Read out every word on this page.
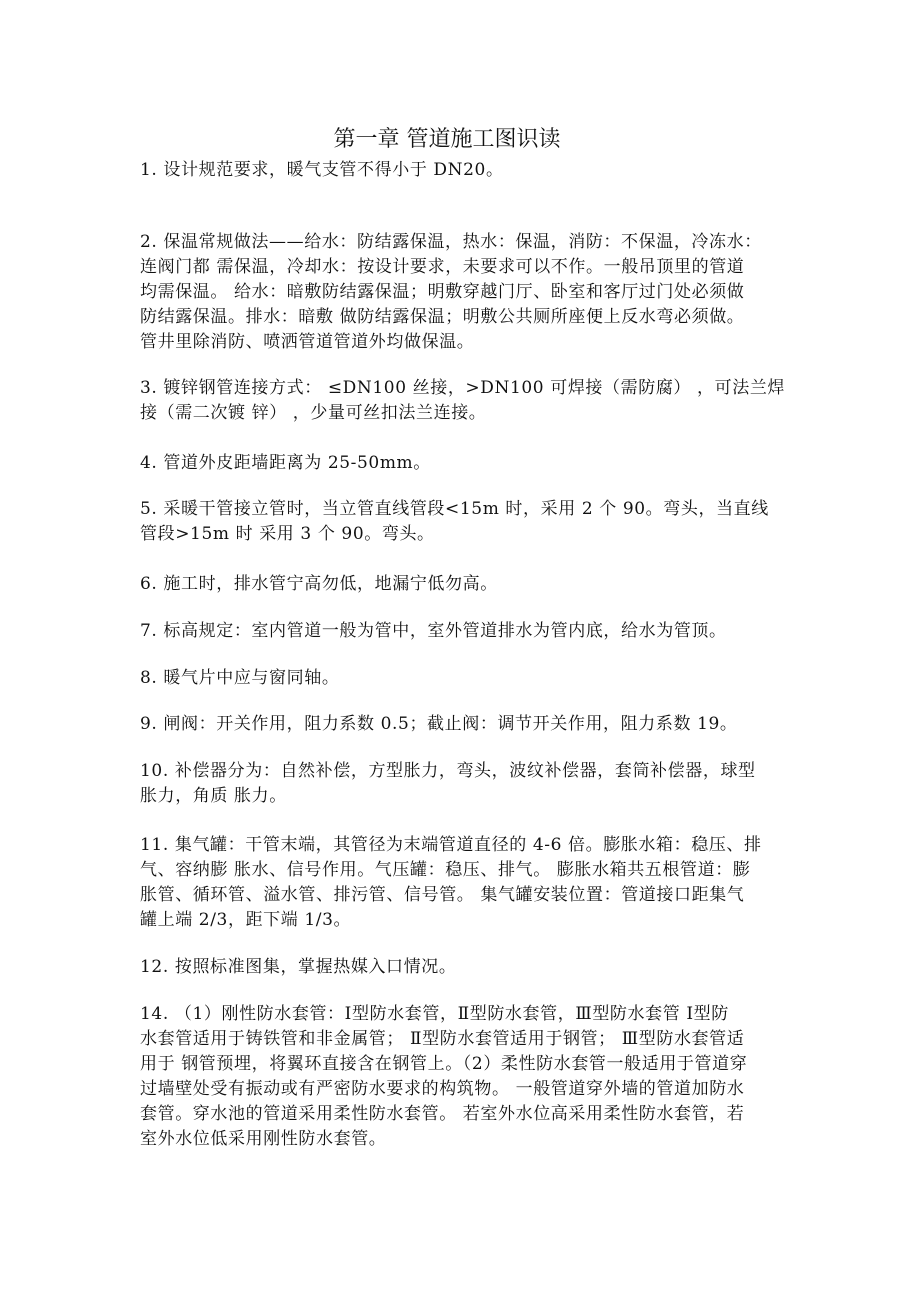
第一章 管道施工图识读
1. 设计规范要求，暖气支管不得小于 DN20。
2. 保温常规做法——给水：防结露保温，热水：保温，消防：不保温，冷冻水：
连阀门都 需保温，冷却水：按设计要求，未要求可以不作。一般吊顶里的管道
均需保温。 给水：暗敷防结露保温；明敷穿越门厅、卧室和客厅过门处必须做
防结露保温。排水：暗敷 做防结露保温；明敷公共厕所座便上反水弯必须做。
管井里除消防、喷洒管道管道外均做保温。
3. 镀锌钢管连接方式： ≤DN100 丝接，>DN100 可焊接（需防腐） ，可法兰焊
接（需二次镀 锌） ，少量可丝扣法兰连接。
4. 管道外皮距墙距离为 25-50mm。
5. 采暖干管接立管时，当立管直线管段<15m 时，采用 2 个 90。弯头，当直线
管段>15m 时 采用 3 个 90。弯头。
6. 施工时，排水管宁高勿低，地漏宁低勿高。
7. 标高规定：室内管道一般为管中，室外管道排水为管内底，给水为管顶。
8. 暖气片中应与窗同轴。
9. 闸阀：开关作用，阻力系数 0.5；截止阀：调节开关作用，阻力系数 19。
10. 补偿器分为：自然补偿，方型胀力，弯头，波纹补偿器，套筒补偿器，球型
胀力，角质 胀力。
11. 集气罐：干管末端，其管径为末端管道直径的 4-6 倍。膨胀水箱：稳压、排
气、容纳膨 胀水、信号作用。气压罐：稳压、排气。 膨胀水箱共五根管道：膨
胀管、循环管、溢水管、排污管、信号管。 集气罐安装位置：管道接口距集气
罐上端 2/3，距下端 1/3。
12. 按照标准图集，掌握热媒入口情况。
14. （1）刚性防水套管：Ⅰ型防水套管，Ⅱ型防水套管，Ⅲ型防水套管 Ⅰ型防
水套管适用于铸铁管和非金属管； Ⅱ型防水套管适用于钢管； Ⅲ型防水套管适
用于 钢管预埋，将翼环直接含在钢管上。（2）柔性防水套管一般适用于管道穿
过墙壁处受有振动或有严密防水要求的构筑物。 一般管道穿外墙的管道加防水
套管。穿水池的管道采用柔性防水套管。 若室外水位高采用柔性防水套管，若
室外水位低采用刚性防水套管。
